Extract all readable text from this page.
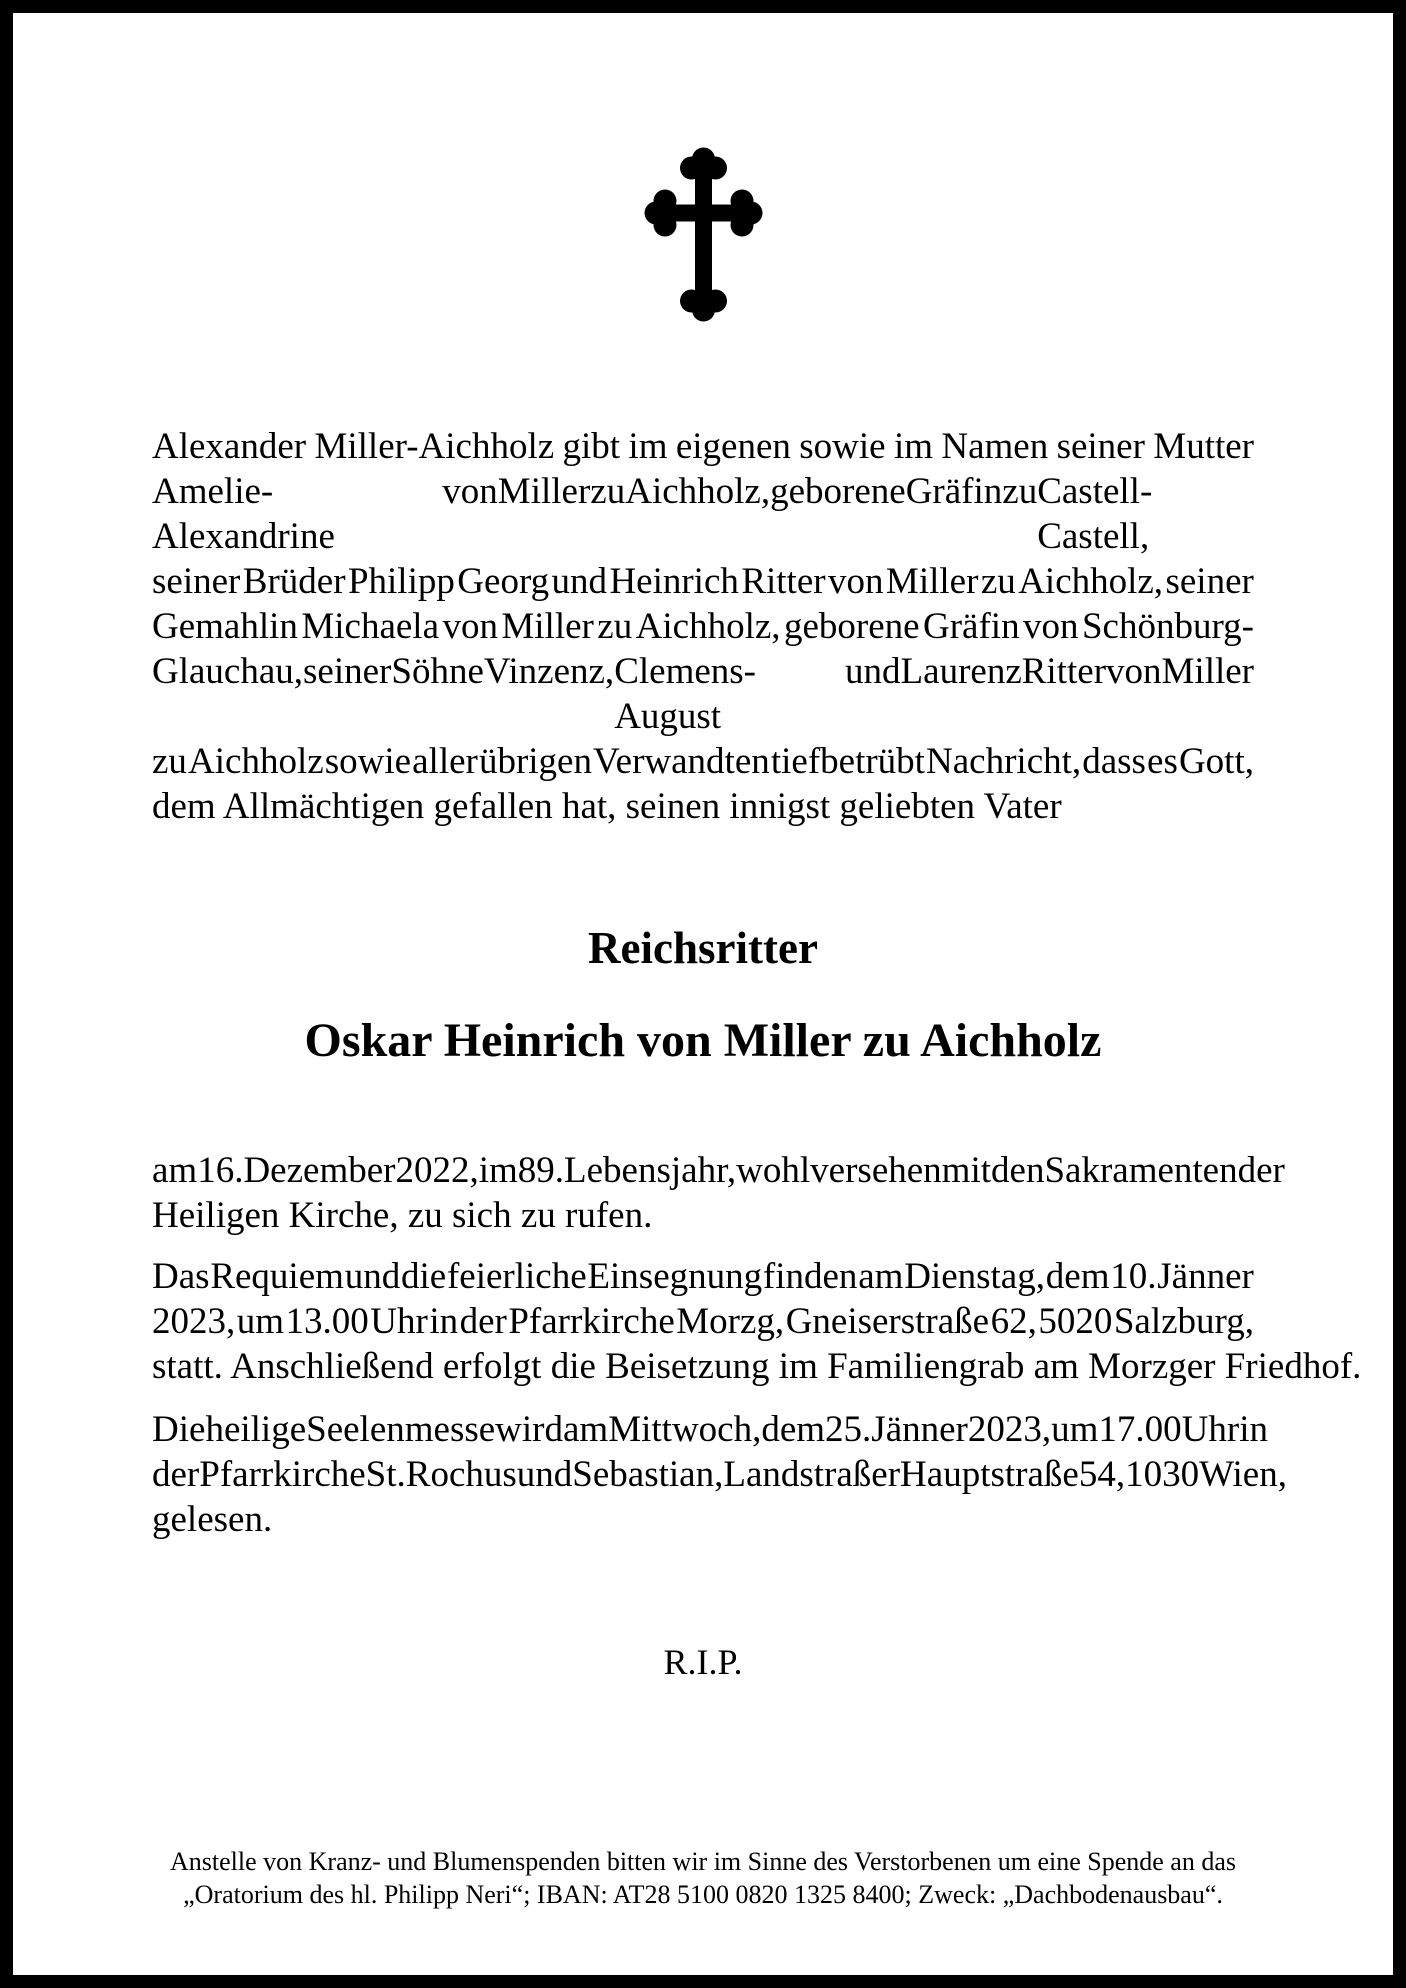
Alexander Miller-Aichholz gibt im eigenen sowie im Namen seiner Mutter
Amelie-Alexandrine
von Miller zu Aichholz, geborene Gräfin zu Castell-Castell,
seiner Brüder Philipp Georg und Heinrich Ritter von Miller zu Aichholz, seiner
Gemahlin Michaela von Miller zu Aichholz, geborene Gräfin von Schönburg-
Glauchau, seiner Söhne Vinzenz, Clemens-August
und Laurenz Ritter von Miller
zu Aichholz sowie aller übrigen Verwandten tiefbetrübt Nachricht, dass es Gott,
dem Allmächtigen gefallen hat, seinen innigst geliebten Vater
Reichsritter
Oskar Heinrich von Miller zu Aichholz
am 16. Dezember 2022, im 89. Lebensjahr, wohlversehen mit den Sakramenten der
Heiligen Kirche, zu sich zu rufen.
Das Requiem und die feierliche Einsegnung finden am Dienstag, dem 10. Jänner
2023, um 13.00 Uhr in der Pfarrkirche Morzg, Gneiserstraße 62, 5020 Salzburg,
statt. Anschließend erfolgt die Beisetzung im Familiengrab am Morzger Friedhof.
Die heilige Seelenmesse wird am Mittwoch, dem 25. Jänner 2023, um 17.00 Uhr in
der Pfarrkirche St. Rochus und Sebastian, Landstraßer Hauptstraße 54, 1030 Wien,
gelesen.
R.I.P.
Anstelle von Kranz- und Blumenspenden bitten wir im Sinne des Verstorbenen um eine Spende an das
„Oratorium des hl. Philipp Neri“; IBAN: AT28 5100 0820 1325 8400; Zweck: „Dachbodenausbau“.
